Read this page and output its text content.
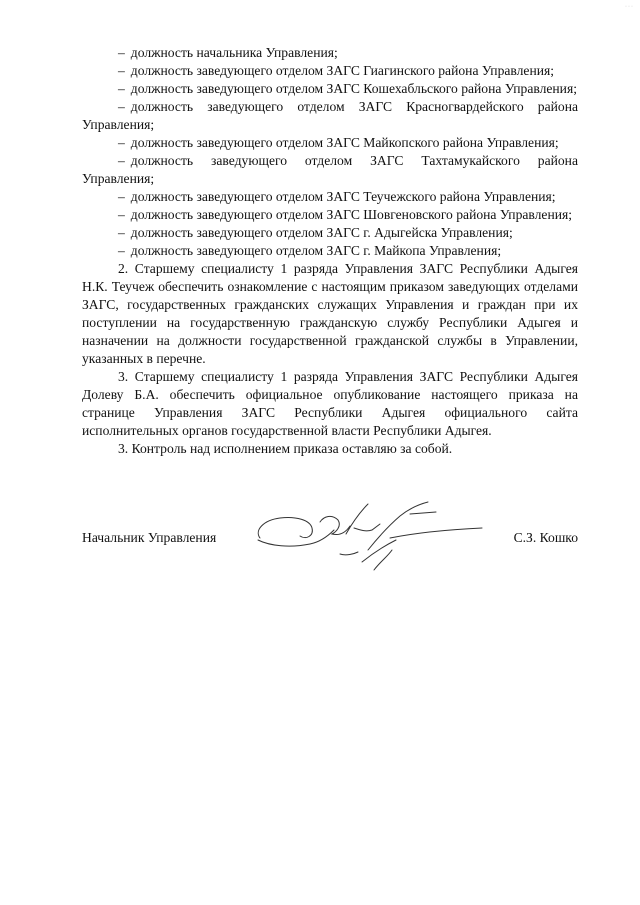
···

– должность начальника Управления;

– должность заведующего отделом ЗАГС Гиагинского района Управления;

– должность заведующего отделом ЗАГС Кошехабльского района Управления;

– должность заведующего отделом ЗАГС Красногвардейского района Управления;

– должность заведующего отделом ЗАГС Майкопского района Управления;

– должность заведующего отделом ЗАГС Тахтамукайского района Управления;

– должность заведующего отделом ЗАГС Теучежского района Управления;

– должность заведующего отделом ЗАГС Шовгеновского района Управления;

– должность заведующего отделом ЗАГС г. Адыгейска Управления;

– должность заведующего отделом ЗАГС г. Майкопа Управления;

2. Старшему специалисту 1 разряда Управления ЗАГС Республики Адыгея Н.К. Теучеж обеспечить ознакомление с настоящим приказом заведующих отделами ЗАГС, государственных гражданских служащих Управления и граждан при их поступлении на государственную гражданскую службу Республики Адыгея и назначении на должности государственной гражданской службы в Управлении, указанных в перечне.

3. Старшему специалисту 1 разряда Управления ЗАГС Республики Адыгея Долеву Б.А. обеспечить официальное опубликование настоящего приказа на странице Управления ЗАГС Республики Адыгея официального сайта исполнительных органов государственной власти Республики Адыгея.

3. Контроль над исполнением приказа оставляю за собой.

Начальник Управления	С.З. Кошко
